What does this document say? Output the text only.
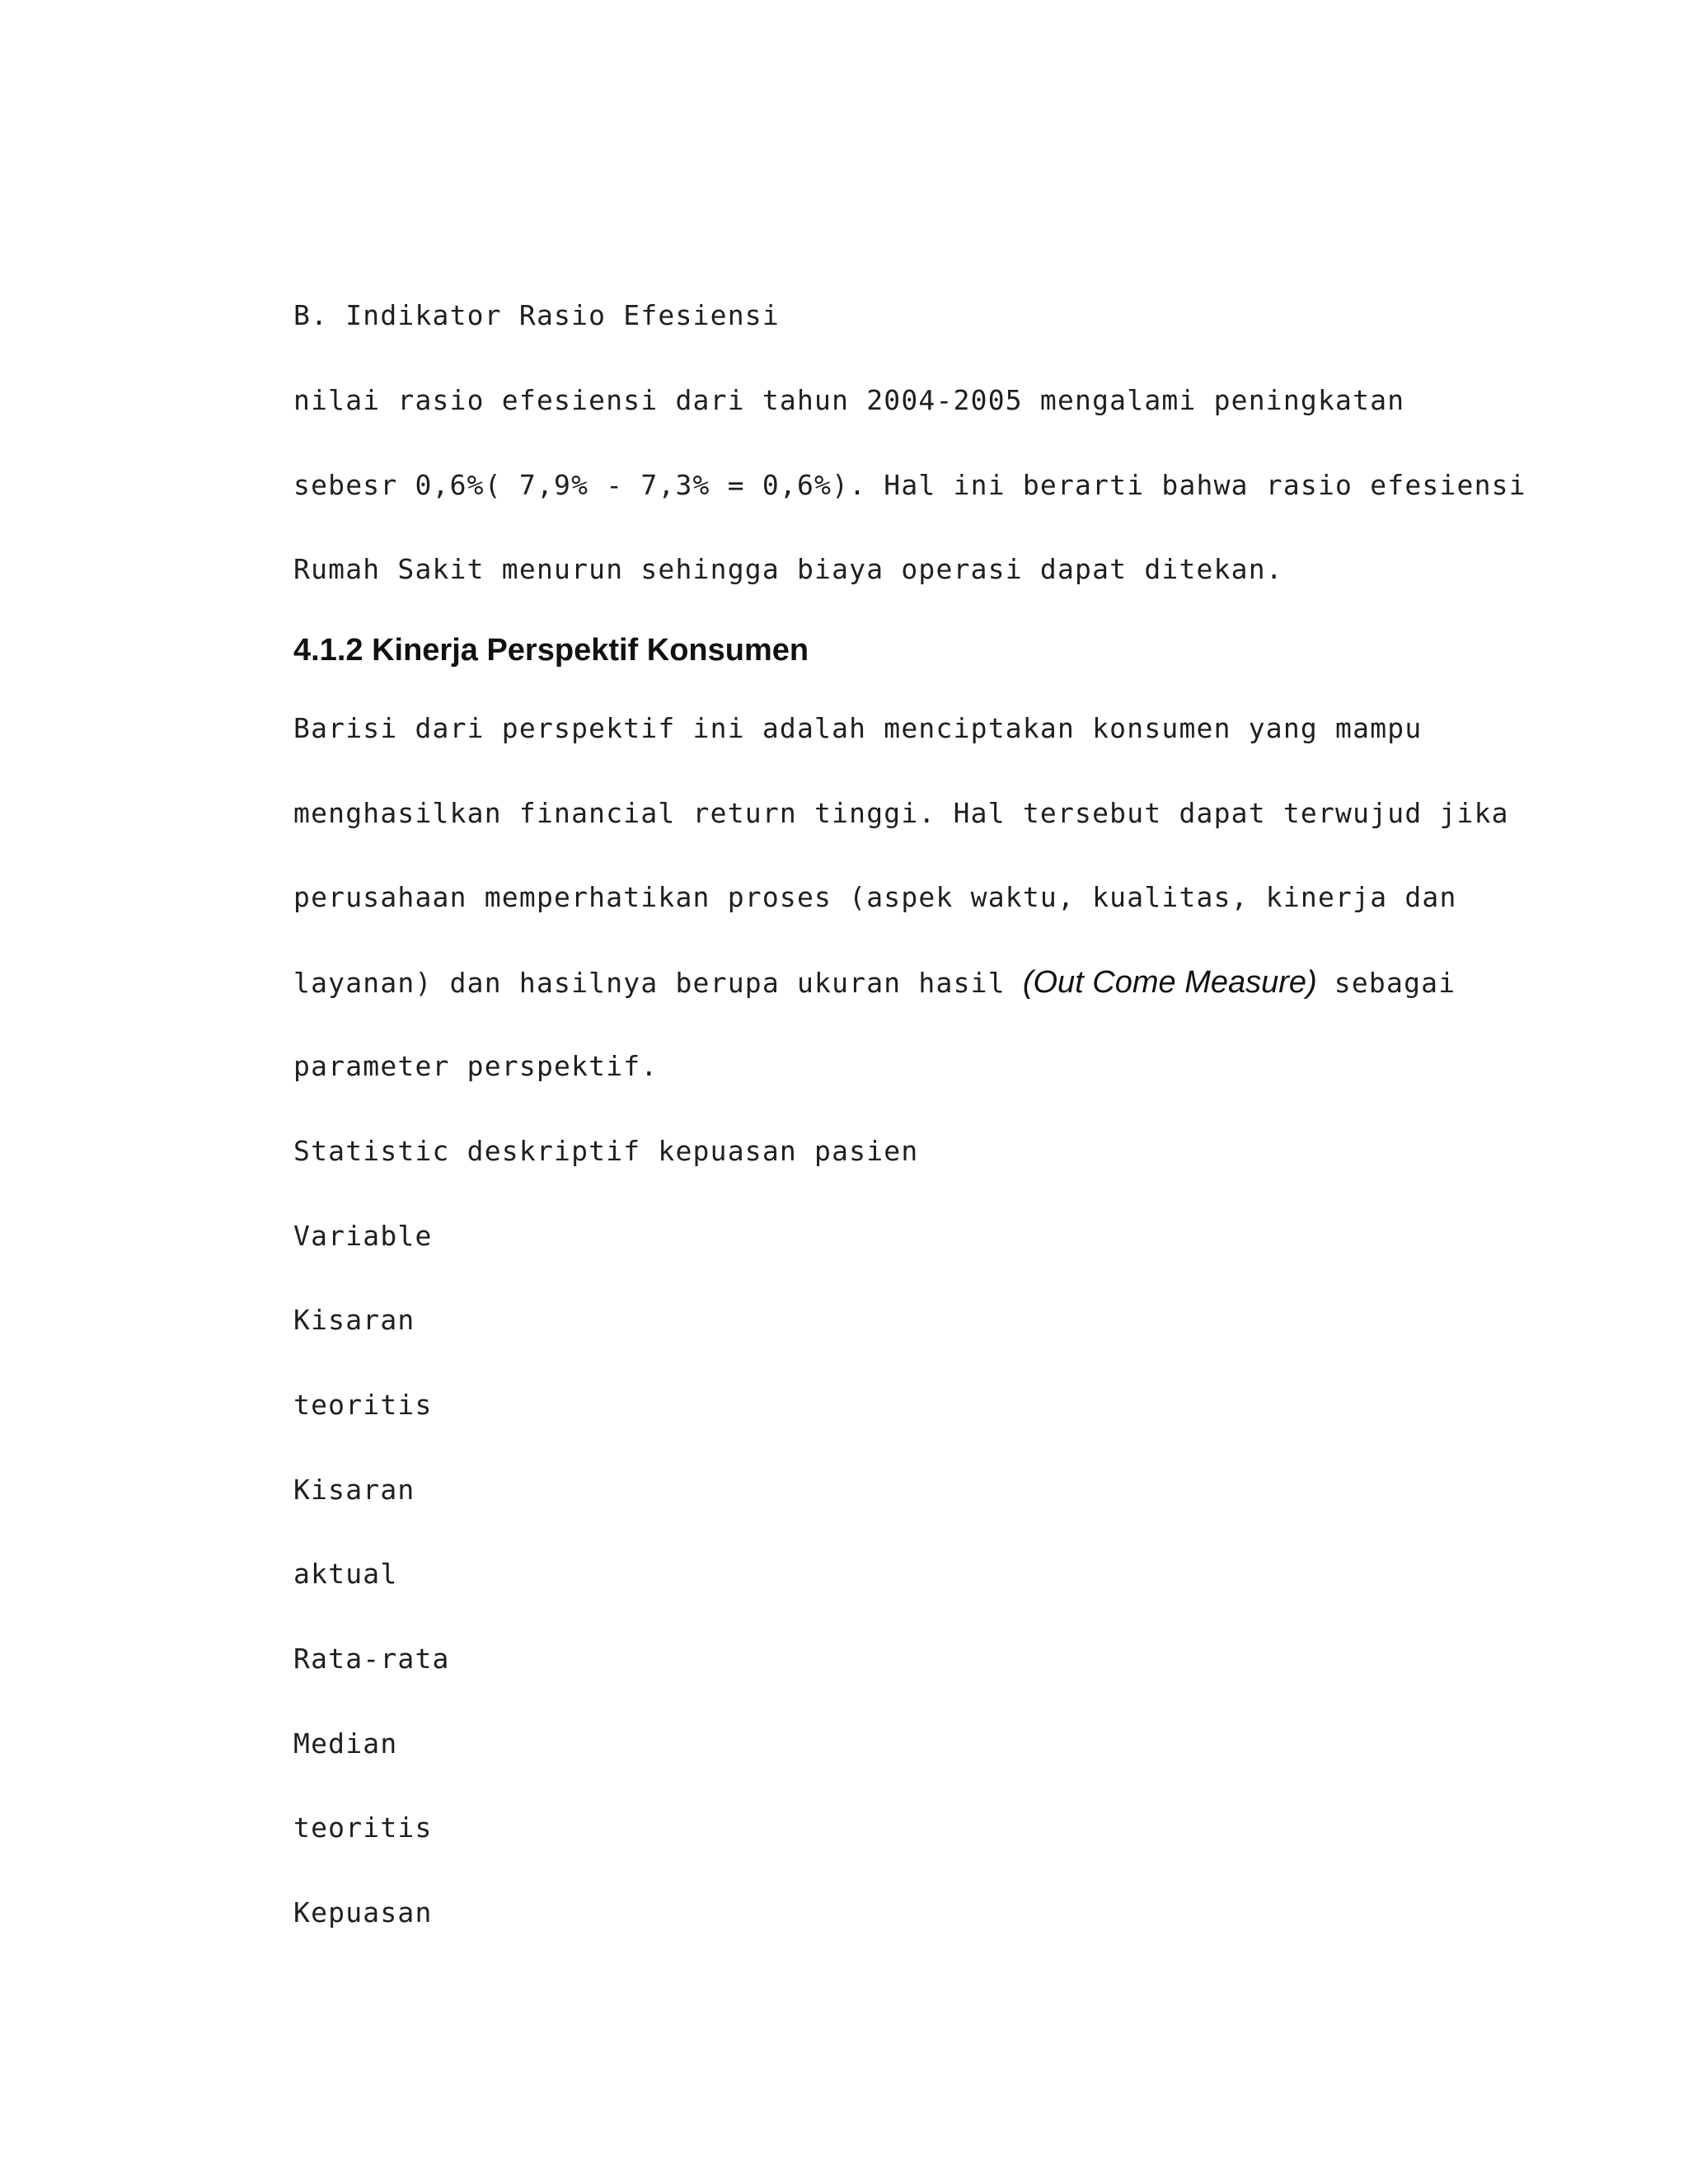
B. Indikator Rasio Efesiensi

nilai rasio efesiensi dari tahun 2004-2005 mengalami peningkatan

sebesr 0,6%( 7,9% - 7,3% = 0,6%). Hal ini berarti bahwa rasio efesiensi

Rumah Sakit menurun sehingga biaya operasi dapat ditekan.

4.1.2 Kinerja Perspektif Konsumen

Barisi dari perspektif ini adalah menciptakan konsumen yang mampu

menghasilkan financial return tinggi. Hal tersebut dapat terwujud jika

perusahaan memperhatikan proses (aspek waktu, kualitas, kinerja dan

layanan) dan hasilnya berupa ukuran hasil (Out Come Measure) sebagai

parameter perspektif.

Statistic deskriptif kepuasan pasien

Variable

Kisaran

teoritis

Kisaran

aktual

Rata-rata

Median

teoritis

Kepuasan
